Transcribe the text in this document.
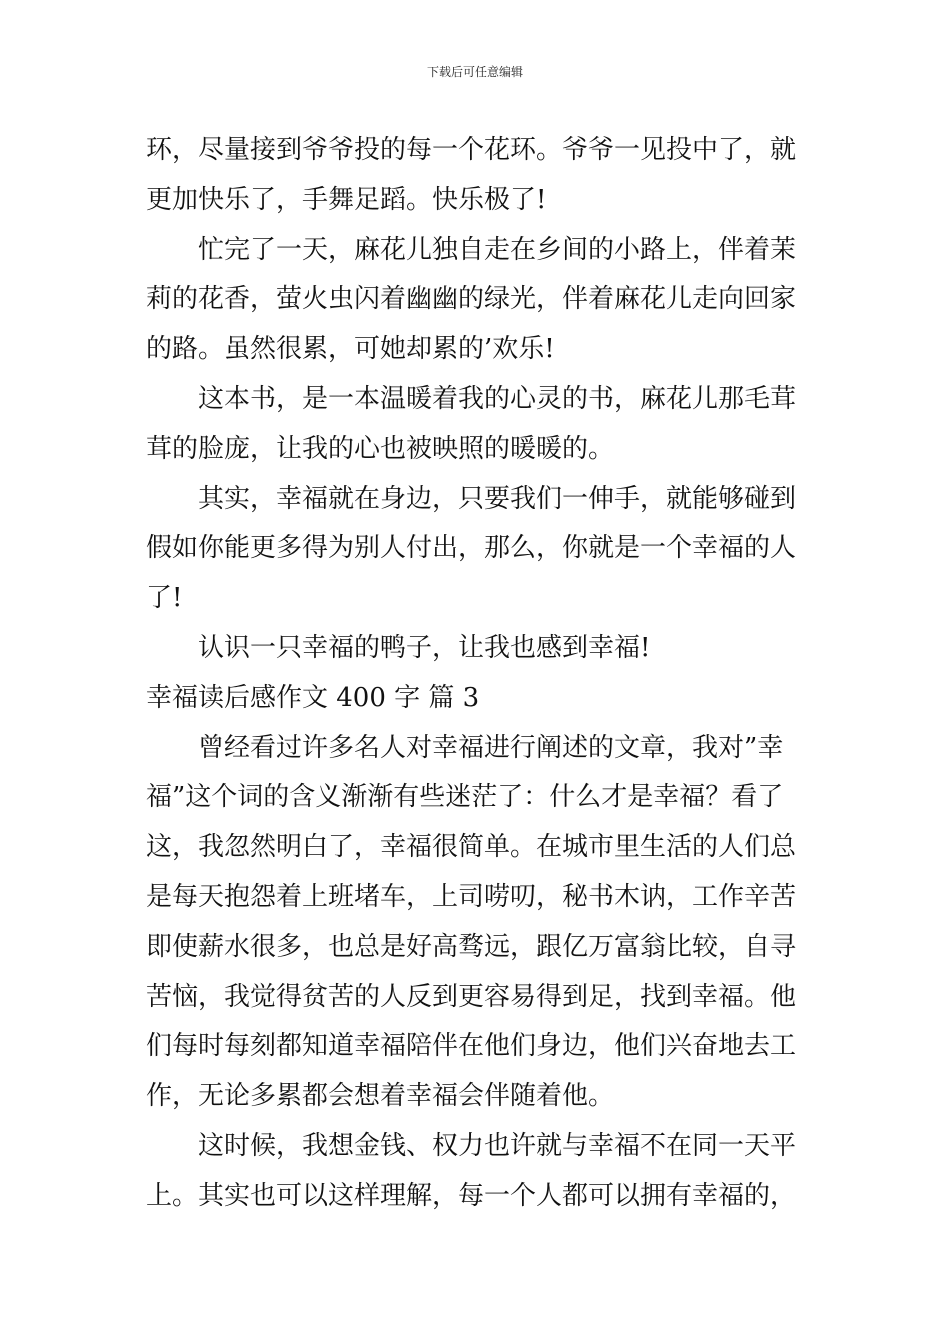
下载后可任意编辑
环，尽量接到爷爷投的每一个花环。爷爷一见投中了，就
更加快乐了，手舞足蹈。快乐极了!
忙完了一天，麻花儿独自走在乡间的小路上，伴着茉
莉的花香，萤火虫闪着幽幽的绿光，伴着麻花儿走向回家
的路。虽然很累，可她却累的’欢乐!
这本书，是一本温暖着我的心灵的书，麻花儿那毛茸
茸的脸庞，让我的心也被映照的暖暖的。
其实，幸福就在身边，只要我们一伸手，就能够碰到
假如你能更多得为别人付出，那么，你就是一个幸福的人
了!
认识一只幸福的鸭子，让我也感到幸福!
幸福读后感作文 400 字 篇 3
曾经看过许多名人对幸福进行阐述的文章，我对”幸
福”这个词的含义渐渐有些迷茫了：什么才是幸福？看了
这，我忽然明白了，幸福很简单。在城市里生活的人们总
是每天抱怨着上班堵车，上司唠叨，秘书木讷，工作辛苦
即使薪水很多，也总是好高骛远，跟亿万富翁比较，自寻
苦恼，我觉得贫苦的人反到更容易得到足，找到幸福。他
们每时每刻都知道幸福陪伴在他们身边，他们兴奋地去工
作，无论多累都会想着幸福会伴随着他。
这时候，我想金钱、权力也许就与幸福不在同一天平
上。其实也可以这样理解，每一个人都可以拥有幸福的，
